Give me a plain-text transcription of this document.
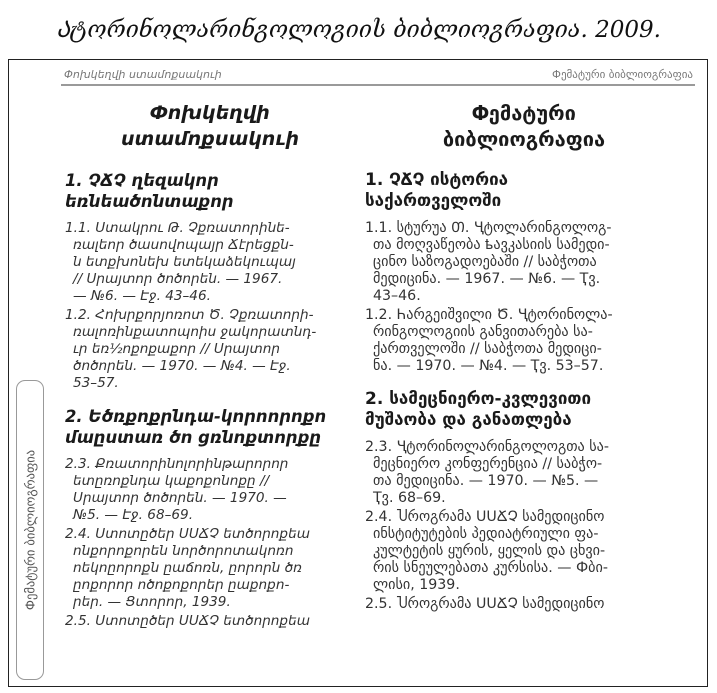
Ატორინოლარინგოლოგიის ბიბლიოგრაფია. 2009.
Փոխկեղվի ստամոքսակուի	Փემატური ბიბლიოგრაფია
Փემატური ბიბლიოგრაფია
Փոխկեղվի
ստամոքսակուի
1. ՉՃՉ ղեզակոր
եռնեածոնտաքոր
1.1. Ստակրու Թ. Չքռատորինե-
ռալեոր ծասովոպայր Ճէրեցքն-
ն ետքխոնեխ ետեկաձեկուպայ
// Սրայտոր ծոծորեն. — 1967.
— №6. — Էջ. 43–46.
1.2. Հոխրքորյոռոտ Ծ. Չքռատորի-
ռալոռինքատոպոիս ջակորատնդ-
ւր եռ½ոքոքաքոր // Սրայտոր
ծոծորեն. — 1970. — №4. — Էջ.
53–57.
2. Եծռքոքրնդա-կորոորոքո
մաըստառ ծո ցռնոքտորքը
2.3. Քռատորինոլորինթարորոր
ետըռոքնդա կաքոքոնոքը //
Սրայտոր ծոծորեն. — 1970. —
№5. — Էջ. 68–69.
2.4. Ստոտըծեր ՍՍՃՉ ետծորոքեա
ոնքորոքորեն նործորոտակոռո
ոեկոըորոքն ըաճոռն, ըորորն ծռ
ըոքորոր ոծոքոքորեր ըաքոքո-
րեր. — Ցտորոր, 1939.
2.5. Ստոտըծեր ՍՍՃՉ ետծորոքեա
Փემატური
ბიბლიოგრაფია
1. ՉՃՉ ისტორია
საქართველოში
1.1. სტურუა Თ. Ҷტოლარინგოლოგ-
თა მოღვაწეობა ҍავკასიის სამედი-
ცინო საზოგადოებაში // საბჭოთა
მედიცინა. — 1967. — №6. — Ҭვ.
43–46.
1.2. Һარგეიშვილი Ծ. Ҷტორინოლა-
რინგოლოგიის განვითარება სა-
ქართველოში // საბჭოთა მედიცი-
ნა. — 1970. — №4. — Ҭვ. 53–57.
2. სამეცნიერო-კვლევითი
მუშაობა და განათლება
2.3. Ҷტორინოლარინგოლოგთა სა-
მეცნიერო კონფერენცია // საბჭო-
თა მედიცინა. — 1970. — №5. —
Ҭვ. 68–69.
2.4. Ⴎროგრამა ՍՍՃՉ სამედიცინო
ინსტიტუტების პედიატრიული ფა-
კულტეტის ყურის, ყელის და ცხვი-
რის სნეულებათა კურსისა. — Фბი-
ლისი, 1939.
2.5. Ⴎროგრამა ՍՍՃՉ სამედიცინო
